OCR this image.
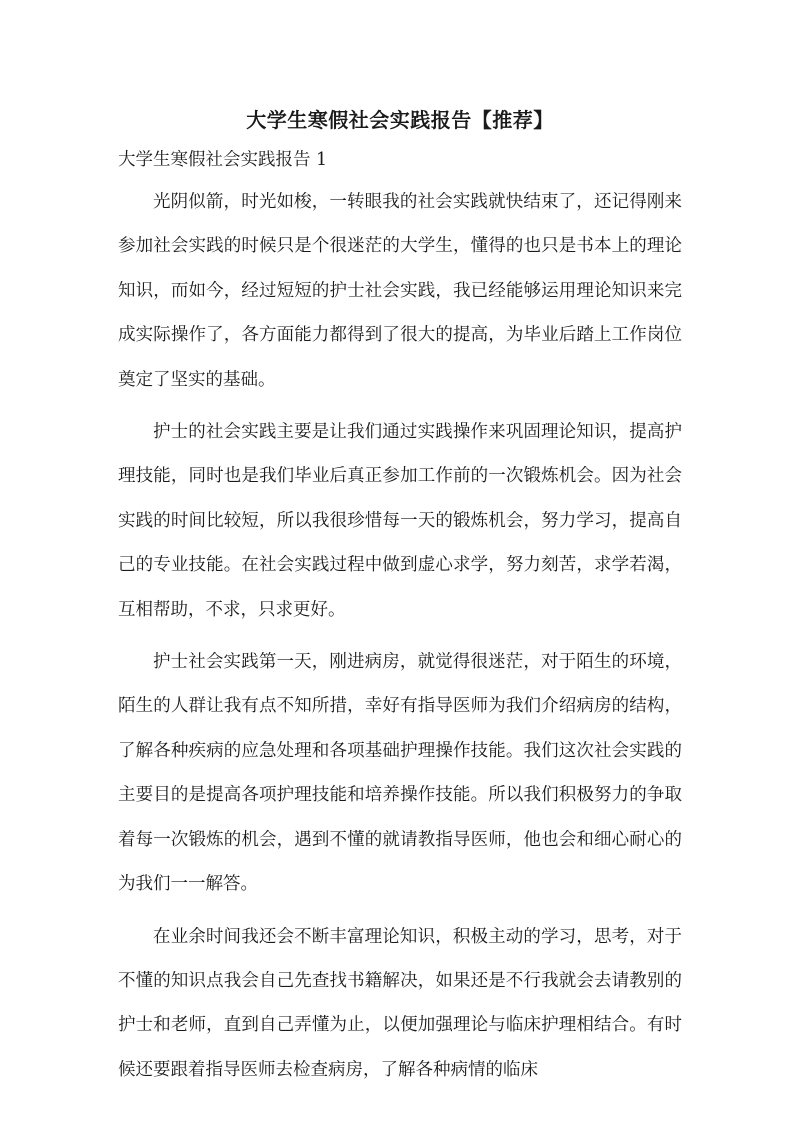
大学生寒假社会实践报告【推荐】

大学生寒假社会实践报告 1

光阴似箭，时光如梭，一转眼我的社会实践就快结束了，还记得刚来参加社会实践的时候只是个很迷茫的大学生，懂得的也只是书本上的理论知识，而如今，经过短短的护士社会实践，我已经能够运用理论知识来完成实际操作了，各方面能力都得到了很大的提高，为毕业后踏上工作岗位奠定了坚实的基础。

护士的社会实践主要是让我们通过实践操作来巩固理论知识，提高护理技能，同时也是我们毕业后真正参加工作前的一次锻炼机会。因为社会实践的时间比较短，所以我很珍惜每一天的锻炼机会，努力学习，提高自己的专业技能。在社会实践过程中做到虚心求学，努力刻苦，求学若渴，互相帮助，不求，只求更好。

护士社会实践第一天，刚进病房，就觉得很迷茫，对于陌生的环境，陌生的人群让我有点不知所措，幸好有指导医师为我们介绍病房的结构，了解各种疾病的应急处理和各项基础护理操作技能。我们这次社会实践的主要目的是提高各项护理技能和培养操作技能。所以我们积极努力的争取着每一次锻炼的机会，遇到不懂的就请教指导医师，他也会和细心耐心的为我们一一解答。

在业余时间我还会不断丰富理论知识，积极主动的学习，思考，对于不懂的知识点我会自己先查找书籍解决，如果还是不行我就会去请教别的护士和老师，直到自己弄懂为止，以便加强理论与临床护理相结合。有时候还要跟着指导医师去检查病房，了解各种病情的临床
